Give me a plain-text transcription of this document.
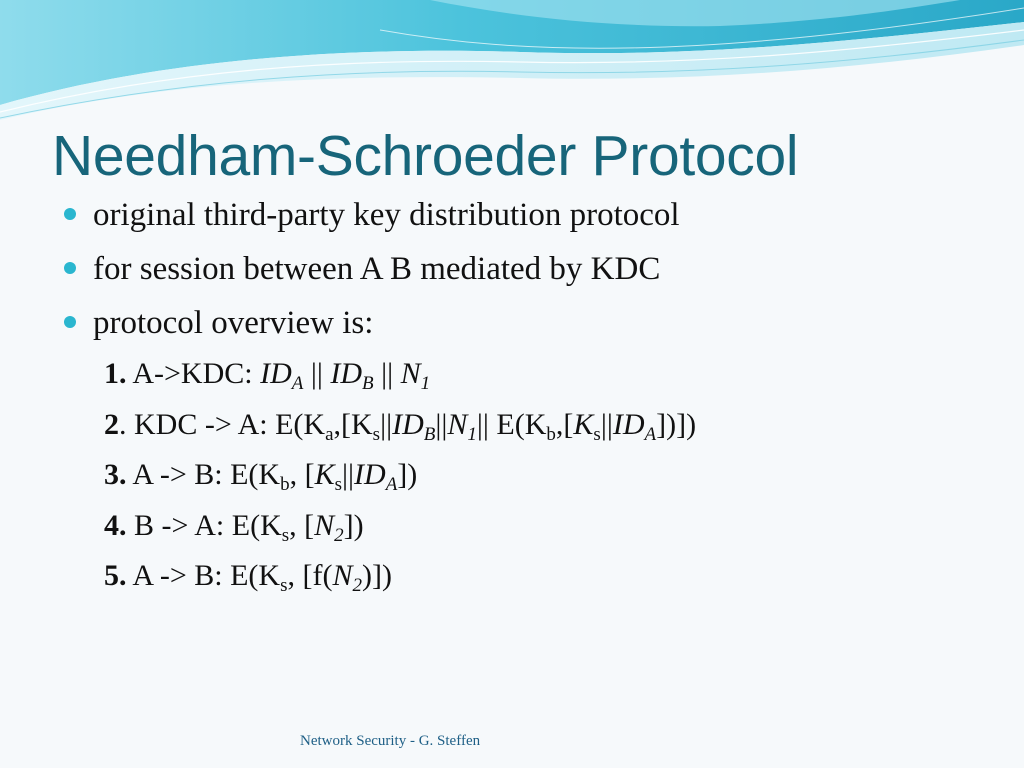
Needham-Schroeder Protocol
original third-party key distribution protocol
for session between A B mediated by KDC
protocol overview is:
1. A->KDC: $ID_A$ || $ID_B$ || $N_1$
2. KDC -> A: $E(K_a,[K_s||ID_B||N_1||$ $E(K_b,[K_s||ID_A])$])
3. A -> B: $E(K_b$, $[K_s||ID_A]$)
4. B -> A: $E(K_s$, $[N_2]$)
5. A -> B: $E(K_s$, $[f(N_2)]$)
Network Security - G. Steffen
